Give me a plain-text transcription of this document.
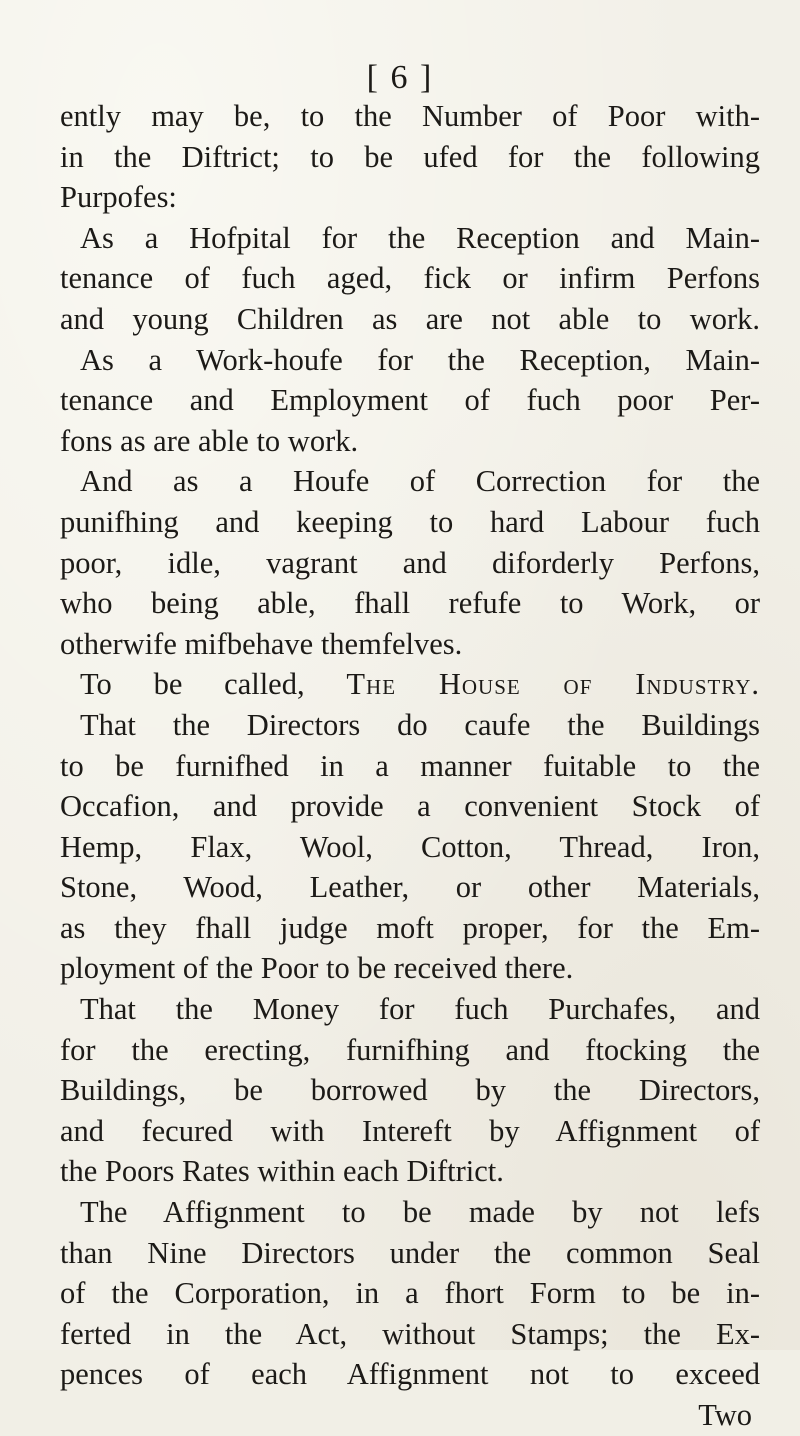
[ 6 ]
ently may be, to the Number of Poor with-
in the Diftrict; to be ufed for the following
Purpofes:
As a Hofpital for the Reception and Main-
tenance of fuch aged, fick or infirm Perfons
and young Children as are not able to work.
As a Work-houfe for the Reception, Main-
tenance and Employment of fuch poor Per-
fons as are able to work.
And as a Houfe of Correction for the
punifhing and keeping to hard Labour fuch
poor, idle, vagrant and diforderly Perfons,
who being able, fhall refufe to Work, or
otherwife mifbehave themfelves.
To be called, The House of Industry.
That the Directors do caufe the Buildings
to be furnifhed in a manner fuitable to the
Occafion, and provide a convenient Stock of
Hemp, Flax, Wool, Cotton, Thread, Iron,
Stone, Wood, Leather, or other Materials,
as they fhall judge moft proper, for the Em-
ployment of the Poor to be received there.
That the Money for fuch Purchafes, and
for the erecting, furnifhing and ftocking the
Buildings, be borrowed by the Directors,
and fecured with Intereft by Affignment of
the Poors Rates within each Diftrict.
The Affignment to be made by not lefs
than Nine Directors under the common Seal
of the Corporation, in a fhort Form to be in-
ferted in the Act, without Stamps; the Ex-
pences of each Affignment not to exceed
Two
